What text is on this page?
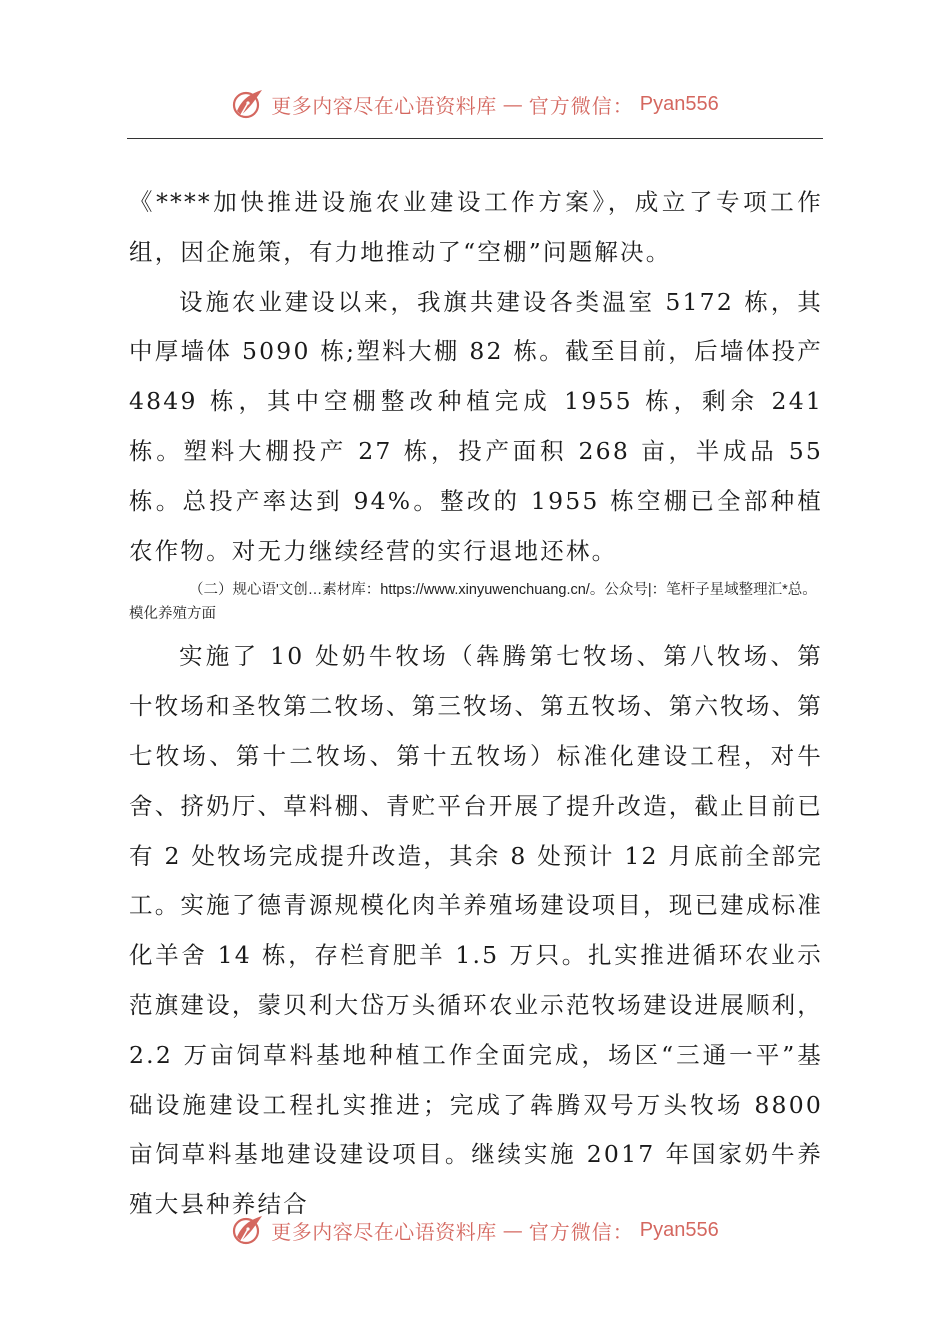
更多内容尽在心语资料库 — 官方微信： Pyan556

《****加快推进设施农业建设工作方案》，成立了专项工作组，因企施策，有力地推动了“空棚”问题解决。

设施农业建设以来，我旗共建设各类温室 5172 栋，其中厚墙体 5090 栋;塑料大棚 82 栋。截至目前，后墙体投产 4849 栋，其中空棚整改种植完成 1955 栋，剩余 241 栋。塑料大棚投产 27 栋，投产面积 268 亩，半成品 55 栋。总投产率达到 94%。整改的 1955 栋空棚已全部种植农作物。对无力继续经营的实行退地还林。

（二）规心语'文创…素材库：https://www.xinyuwenchuang.cn/。公众号|：笔杆子星域整理汇*总。模化养殖方面

实施了 10 处奶牛牧场（犇腾第七牧场、第八牧场、第十牧场和圣牧第二牧场、第三牧场、第五牧场、第六牧场、第七牧场、第十二牧场、第十五牧场）标准化建设工程，对牛舍、挤奶厅、草料棚、青贮平台开展了提升改造，截止目前已有 2 处牧场完成提升改造，其余 8 处预计 12 月底前全部完工。实施了德青源规模化肉羊养殖场建设项目，现已建成标准化羊舍 14 栋，存栏育肥羊 1.5 万只。扎实推进循环农业示范旗建设，蒙贝利大岱万头循环农业示范牧场建设进展顺利，2.2 万亩饲草料基地种植工作全面完成，场区“三通一平”基础设施建设工程扎实推进；完成了犇腾双号万头牧场 8800 亩饲草料基地建设建设项目。继续实施 2017 年国家奶牛养殖大县种养结合

更多内容尽在心语资料库 — 官方微信： Pyan556
